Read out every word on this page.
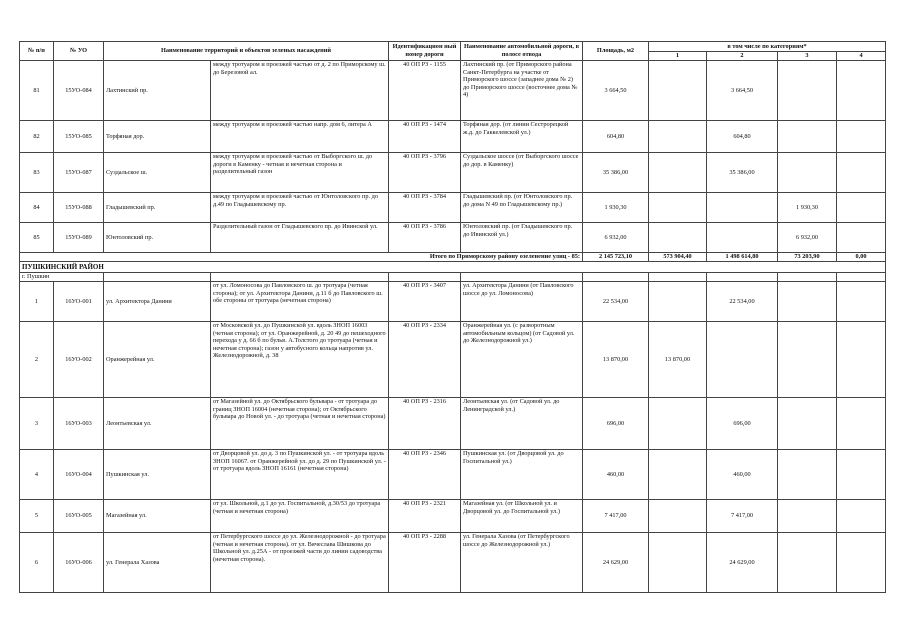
№ п/п	№ УО	Наименование территорий и объектов зеленых насаждений		Идентификацион ный номер дороги	Наименование автомобильной дороги, в полосе отвода	Площадь, м2	в том числе по категориям*			
							1	2	3	4
81	15УО-084	Лахтинский пр.	между тротуаром и проезжей частью от д. 2 по Приморскому ш. до Березовой ал.	40 ОП РЗ - 1155	Лахтинский пр. (от Приморского района Санкт-Петербурга на участке от Приморского шоссе (западнее дома № 2) до Приморского шоссе (восточнее дома № 4)	3 664,50		3 664,50		
82	15УО-085	Торфяная дор.	между тротуаром и проезжей частью напр. дом 6, литера А	40 ОП РЗ - 1474	Торфяная дор. (от линии Сестрорецкой ж.д. до Гаккелевской ул.)	604,80		604,80		
83	15УО-087	Суздальское ш.	между тротуаром и проезжей частью от Выборгского ш. до дороги в Каменку - четная и нечетная сторона и разделительный газон	40 ОП РЗ - 3796	Суздальское шоссе (от Выборгского шоссе до дор. в Каменку)	35 386,00		35 386,00		
84	15УО-088	Гладышевский пр.	между тротуаром и проезжей частью от Юнтоловского пр. до д.49 по Гладышевскому пр.	40 ОП РЗ - 3784	Гладышевский пр. (от Юнтоловского пр. до дома N 49 по Гладышевскому пр.)	1 930,30			1 930,30	
85	15УО-089	Юнтоловский пр.	Разделительный газон от Гладышевского пр. до Ивинской ул.	40 ОП РЗ - 3786	Юнтоловский пр. (от Гладышевского пр. до Ивинской ул.)	6 932,00			6 932,00	
Итого по Приморскому району озеленение улиц - 85:						2 145 723,10	573 904,40	1 498 614,80	73 203,90	0,00
ПУШКИНСКИЙ РАЙОН										
г. Пушкин										
1	16УО-001	ул. Архитектора Данини	от ул. Ломоносова до Павловского ш. до тротуара (четная сторона); от ул. Архитектора Данини, д.11 б до Павловского ш. обе стороны от тротуара (нечетная сторона)	40 ОП РЗ - 3407	ул. Архитектора Данини (от Павловского шоссе до ул. Ломоносова)	22 534,00		22 534,00		
2	16УО-002	Оранжерейная ул.	от Московской ул. до Пушкинской ул. вдоль ЗНОП 16003 (четная сторона); от ул. Оранжерейной, д. 20 49 до пешеходного перехода у д. 66 б по бульв. А.Толстого до тротуара (четная и нечетная сторона); газон у автобусного кольца напротив ул. Железнодорожной, д. 38	40 ОП РЗ - 2334	Оранжерейная ул. (с разворотным автомобильным кольцом) (от Садовой ул. до Железнодорожной ул.)	13 870,00	13 870,00			
3	16УО-003	Леонтьевская ул.	от Магазейной ул. до Октябрьского бульвара - от тротуара до границ ЗНОП 16004 (нечетная сторона); от Октябрьского бульвара до Новой ул. - до тротуара (четная и нечетная сторона)	40 ОП РЗ - 2316	Леонтьевская ул. (от Садовой ул. до Ленинградской ул.)	696,00		696,00		
4	16УО-004	Пушкинская ул.	от Дворцовой ул. до д. 3 по Пушкинской ул. - от тротуара вдоль ЗНОП 16067. от Оранжерейной ул. до д. 29 по Пушкинской ул. - от тротуара вдоль ЗНОП 16161 (нечетная сторона)	40 ОП РЗ - 2346	Пушкинская ул. (от Дворцовой ул. до Госпитальной ул.)	460,00		460,00		
5	16УО-005	Магазейная ул.	от ул. Школьной, д.1 до ул. Госпитальной, д.30/53 до тротуара (четная и нечетная сторона)	40 ОП РЗ - 2321	Магазейная ул. (от Школьной ул. и Дворцовой ул. до Госпитальной ул.)	7 417,00		7 417,00		
6	16УО-006	ул. Генерала Хазова	от Петербургского шоссе до ул. Железнодорожной - до тротуара (четная и нечетная сторона). от ул. Вячеслава Шишкова до Школьной ул. д.25А - от проезжей части до линии садоводства (нечетная сторона).	40 ОП РЗ - 2288	ул. Генерала Хазова (от Петербургского шоссе до Железнодорожной ул.)	24 629,00		24 629,00		
